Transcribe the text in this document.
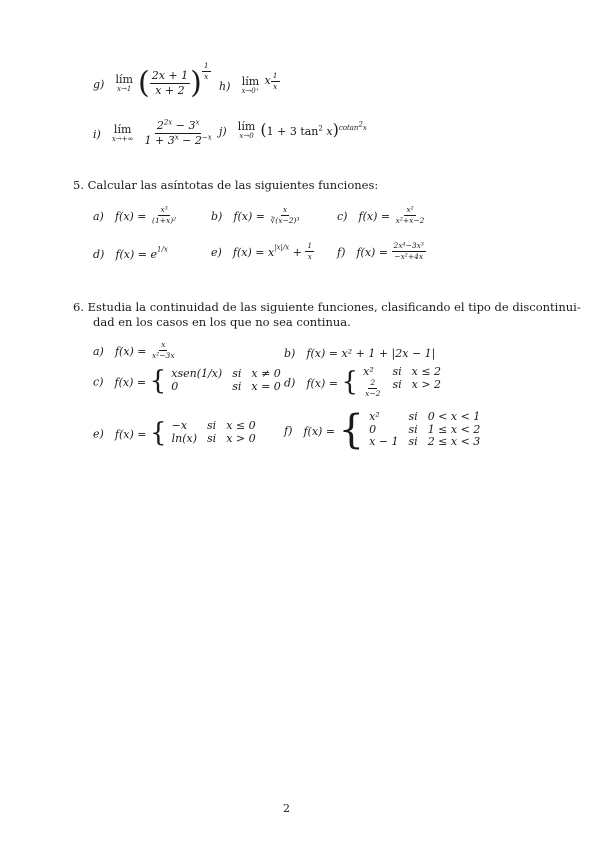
g) lím
x→1 ( $\frac{2x + 1}{x + 2}$ ) $\frac{1}{x}$
h) lím
x→0⁺
$^x \frac{1}{x}$
i) lím
x→+∞
$\frac{2^{2x} - 3^x}{1 + 3^x - 2^{-x}} j$) lím
x→0 (1 + 3 $\tan^2 x)^{cotan^2x}$
5. Calcular las asíntotas de las siguientes funciones:
a) $f(x) = \frac{\text{x³}}{\text{(1+x)²}}$	b) $f(x) = \frac{x}{\text{∛(x−2)³}}$	c) $f(x) = \frac{\text{x²}}{\text{x²+x−2}}$
d) $f(x) = e^{1/x}$	e) $f(x) = x^{|x|/x} + \frac{1}{x} f$) $f(x) = \frac{\text{2x⁴−3x³}}{\text{−x²+4x}}$
6. Estudia la continuidad de las siguiente funciones, clasificando el tipo de discontinui-
dad en los casos en los que no sea continua.
a) $f(x) = \frac{x}{\text{x²−3x}}$	b) f(x) = x² + 1 + |2x − 1|
c) f(x) = { xsen(1/x) si x ≠ 0
0	si x = 0 d) f(x) = { x²	si x ≤ 2
$\frac{2}{x-2}$ si x > 2
e) f(x) = { −x	si x ≤ 0
ln(x) si x > 0
f) f(x) = { x²	si 0 < x < 1
0	si 1 ≤ x < 2
x − 1 si 2 ≤ x < 3
2
